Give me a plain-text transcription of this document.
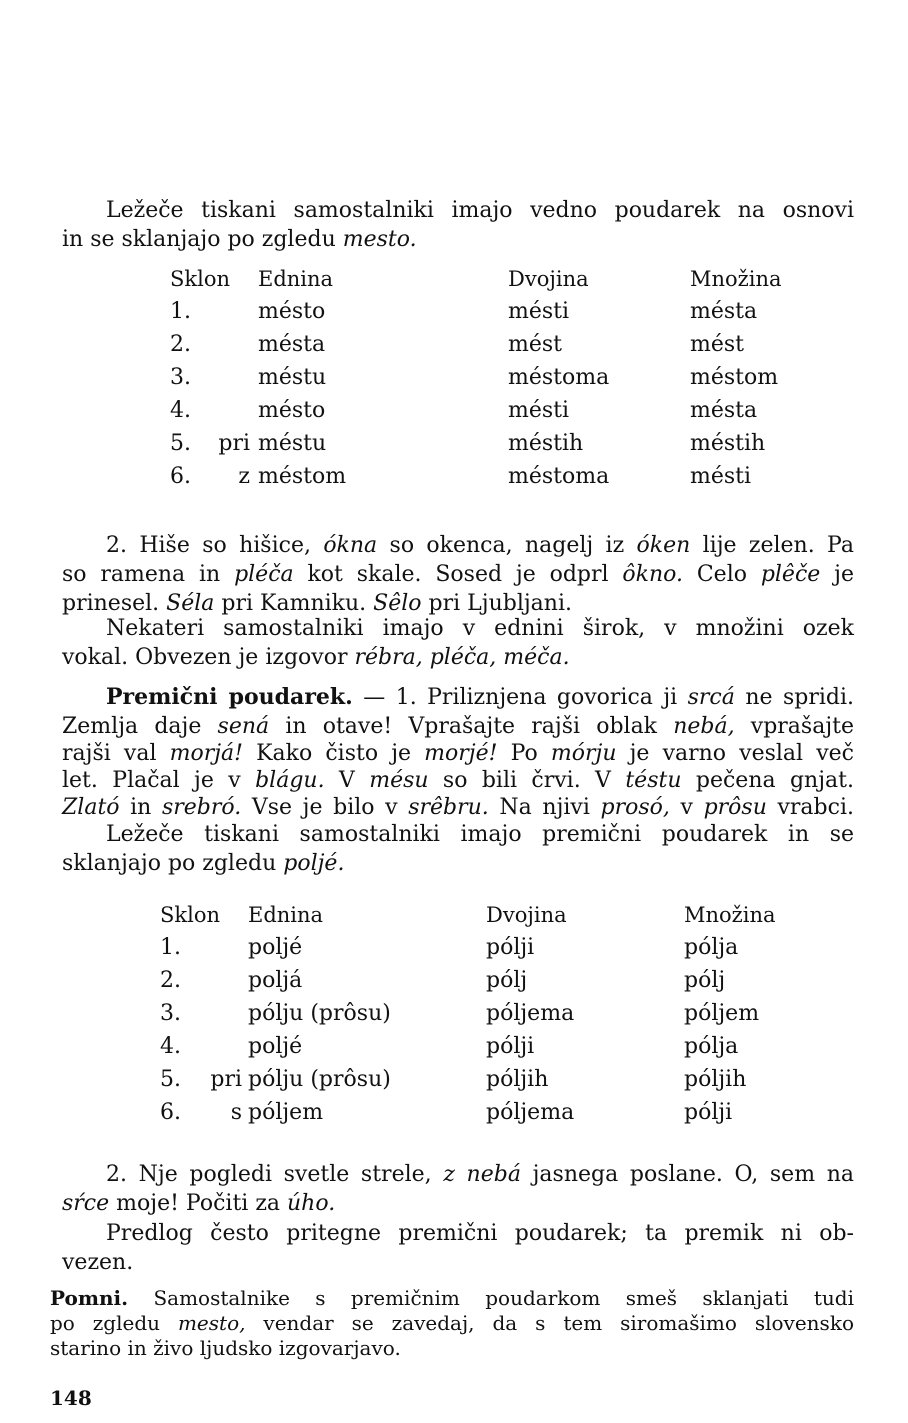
Ležeče tiskani samostalniki imajo vedno poudarek na osnovi
in se sklanjajo po zgledu mesto.
Sklon	Ednina	Dvojina	Množina
1.	mésto	mésti	mésta
2.	mésta	mést	mést
3.	méstu	méstoma	méstom
4.	mésto	mésti	mésta
5. pri	méstu	méstih	méstih
6. z	méstom	méstoma	mésti
2. Hiše so hišice, ókna so okenca, nagelj iz óken lije zelen. Pa
so ramena in pléča kot skale. Sosed je odprl ôkno. Celo plêče je
prinesel. Séla pri Kamniku. Sêlo pri Ljubljani.
Nekateri samostalniki imajo v ednini širok, v množini ozek
vokal. Obvezen je izgovor rébra, pléča, méča.
Premični poudarek. — 1. Priliznjena govorica ji srcá ne spridi.
Zemlja daje sená in otave! Vprašajte rajši oblak nebá, vprašajte
rajši val morjá! Kako čisto je morjé! Po mórju je varno veslal več
let. Plačal je v blágu. V mésu so bili črvi. V téstu pečena gnjat.
Zlató in srebró. Vse je bilo v srêbru. Na njivi prosó, v prôsu vrabci.
Ležeče tiskani samostalniki imajo premični poudarek in se
sklanjajo po zgledu poljé.
Sklon	Ednina	Dvojina	Množina
1.	poljé	pólji	pólja
2.	poljá	pólj	pólj
3.	pólju (prôsu)	póljema	póljem
4.	poljé	pólji	pólja
5. pri	pólju (prôsu)	póljih	póljih
6. s	póljem	póljema	pólji
2. Nje pogledi svetle strele, z nebá jasnega poslane. O, sem na
sŕce moje! Počiti za úho.
Predlog često pritegne premični poudarek; ta premik ni ob-
vezen.
Pomni. Samostalnike s premičnim poudarkom smeš sklanjati tudi
po zgledu mesto, vendar se zavedaj, da s tem siromašimo slovensko
starino in živo ljudsko izgovarjavo.
148
